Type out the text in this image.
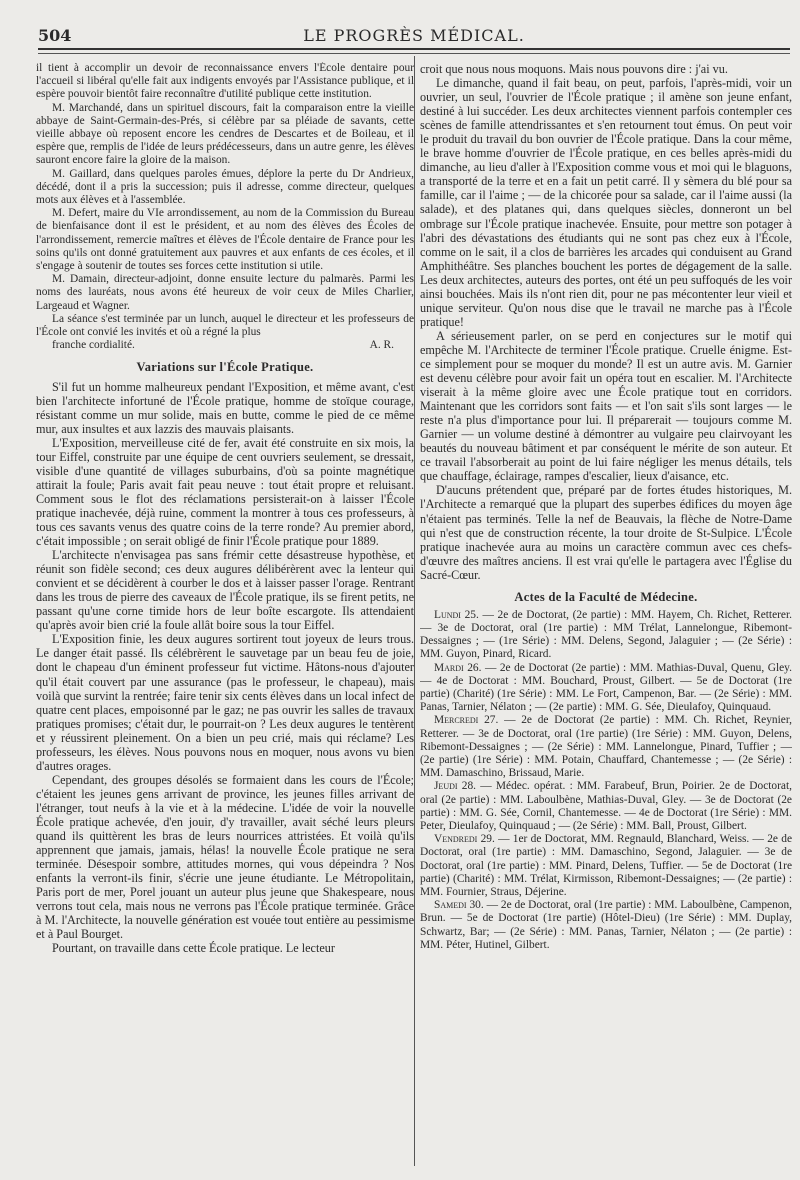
504	LE PROGRÈS MÉDICAL.

il tient à accomplir un devoir de reconnaissance envers l'École dentaire pour l'accueil si libéral qu'elle fait aux indigents envoyés par l'Assistance publique, et il espère pouvoir bientôt faire reconnaître d'utilité publique cette institution.

M. Marchandé, dans un spirituel discours, fait la comparaison entre la vieille abbaye de Saint-Germain-des-Prés, si célèbre par sa pléiade de savants, cette vieille abbaye où reposent encore les cendres de Descartes et de Boileau, et il espère que, remplis de l'idée de leurs prédécesseurs, dans un autre genre, les élèves sauront encore faire la gloire de la maison.

M. Gaillard, dans quelques paroles émues, déplore la perte du Dr Andrieux, décédé, dont il a pris la succession; puis il adresse, comme directeur, quelques mots aux élèves et à l'assemblée.

M. Defert, maire du VIe arrondissement, au nom de la Commission du Bureau de bienfaisance dont il est le président, et au nom des élèves des Écoles de l'arrondissement, remercie maîtres et élèves de l'École dentaire de France pour les soins qu'ils ont donné gratuitement aux pauvres et aux enfants de ces écoles, et il s'engage à soutenir de toutes ses forces cette institution si utile.

M. Damain, directeur-adjoint, donne ensuite lecture du palmarès. Parmi les noms des lauréats, nous avons été heureux de voir ceux de Miles Charlier, Largeaud et Wagner.

La séance s'est terminée par un lunch, auquel le directeur et les professeurs de l'École ont convié les invités et où a régné la plus

franche cordialité.	A. R.

Variations sur l'École Pratique.

S'il fut un homme malheureux pendant l'Exposition, et même avant, c'est bien l'architecte infortuné de l'École pratique, homme de stoïque courage, résistant comme un mur solide, mais en butte, comme le pied de ce même mur, aux insultes et aux lazzis des mauvais plaisants.

L'Exposition, merveilleuse cité de fer, avait été construite en six mois, la tour Eiffel, construite par une équipe de cent ouvriers seulement, se dressait, visible d'une quantité de villages suburbains, d'où sa pointe magnétique attirait la foule; Paris avait fait peau neuve : tout était propre et reluisant. Comment sous le flot des réclamations persisterait-on à laisser l'École pratique inachevée, déjà ruine, comment la montrer à tous ces professeurs, à tous ces savants venus des quatre coins de la terre ronde? Au premier abord, c'était impossible ; on serait obligé de finir l'École pratique pour 1889.

L'architecte n'envisagea pas sans frémir cette désastreuse hypothèse, et réunit son fidèle second; ces deux augures délibérèrent avec la lenteur qui convient et se décidèrent à courber le dos et à laisser passer l'orage. Rentrant dans les trous de pierre des caveaux de l'École pratique, ils se firent petits, ne passant qu'une corne timide hors de leur boîte escargote. Ils attendaient qu'après avoir bien crié la foule allât boire sous la tour Eiffel.

L'Exposition finie, les deux augures sortirent tout joyeux de leurs trous. Le danger était passé. Ils célébrèrent le sauvetage par un beau feu de joie, dont le chapeau d'un éminent professeur fut victime. Hâtons-nous d'ajouter qu'il était couvert par une assurance (pas le professeur, le chapeau), mais voilà que survint la rentrée; faire tenir six cents élèves dans un local infect de quatre cent places, empoisonné par le gaz; ne pas ouvrir les salles de travaux pratiques promises; c'était dur, le pourrait-on ? Les deux augures le tentèrent et y réussirent pleinement. On a bien un peu crié, mais qui réclame? Les professeurs, les élèves. Nous pouvons nous en moquer, nous avons vu bien d'autres orages.

Cependant, des groupes désolés se formaient dans les cours de l'École; c'étaient les jeunes gens arrivant de province, les jeunes filles arrivant de l'étranger, tout neufs à la vie et à la médecine. L'idée de voir la nouvelle École pratique achevée, d'en jouir, d'y travailler, avait séché leurs pleurs quand ils quittèrent les bras de leurs nourrices attristées. Et voilà qu'ils apprennent que jamais, jamais, hélas! la nouvelle École pratique ne sera terminée. Désespoir sombre, attitudes mornes, qui vous dépeindra ? Nos enfants la verront-ils finir, s'écrie une jeune étudiante. Le Métropolitain, Paris port de mer, Porel jouant un auteur plus jeune que Shakespeare, nous verrons tout cela, mais nous ne verrons pas l'École pratique terminée. Grâce à M. l'Architecte, la nouvelle génération est vouée tout entière au pessimisme et à Paul Bourget.

Pourtant, on travaille dans cette École pratique. Le lecteur

croit que nous nous moquons. Mais nous pouvons dire : j'ai vu.

Le dimanche, quand il fait beau, on peut, parfois, l'après-midi, voir un ouvrier, un seul, l'ouvrier de l'École pratique ; il amène son jeune enfant, destiné à lui succéder. Les deux architectes viennent parfois contempler ces scènes de famille attendrissantes et s'en retournent tout émus. On peut voir le produit du travail du bon ouvrier de l'École pratique. Dans la cour même, le brave homme d'ouvrier de l'École pratique, en ces belles après-midi du dimanche, au lieu d'aller à l'Exposition comme vous et moi qui le blaguons, a transporté de la terre et en a fait un petit carré. Il y sèmera du blé pour sa famille, car il l'aime ; — de la chicorée pour sa salade, car il l'aime aussi (la salade), et des platanes qui, dans quelques siècles, donneront un bel ombrage sur l'École pratique inachevée. Ensuite, pour mettre son potager à l'abri des dévastations des étudiants qui ne sont pas chez eux à l'École, comme on le sait, il a clos de barrières les arcades qui conduisent au Grand Amphithéâtre. Ses planches bouchent les portes de dégagement de la salle. Les deux architectes, auteurs des portes, ont été un peu suffoqués de les voir ainsi bouchées. Mais ils n'ont rien dit, pour ne pas mécontenter leur vieil et unique serviteur. Qu'on nous dise que le travail ne marche pas à l'École pratique!

A sérieusement parler, on se perd en conjectures sur le motif qui empêche M. l'Architecte de terminer l'École pratique. Cruelle énigme. Est-ce simplement pour se moquer du monde? Il est un autre avis. M. Garnier est devenu célèbre pour avoir fait un opéra tout en escalier. M. l'Architecte viserait à la même gloire avec une École pratique tout en corridors. Maintenant que les corridors sont faits — et l'on sait s'ils sont larges — le reste n'a plus d'importance pour lui. Il préparerait — toujours comme M. Garnier — un volume destiné à démontrer au vulgaire peu clairvoyant les beautés du nouveau bâtiment et par conséquent le mérite de son auteur. Et ce travail l'absorberait au point de lui faire négliger les menus détails, tels que chauffage, éclairage, rampes d'escalier, lieux d'aisance, etc.

D'aucuns prétendent que, préparé par de fortes études historiques, M. l'Architecte a remarqué que la plupart des superbes édifices du moyen âge n'étaient pas terminés. Telle la nef de Beauvais, la flèche de Notre-Dame qui n'est que de construction récente, la tour droite de St-Sulpice. L'École pratique inachevée aura au moins un caractère commun avec ces chefs-d'œuvre des maîtres anciens. Il est vrai qu'elle le partagera avec l'Église du Sacré-Cœur.

Actes de la Faculté de Médecine.

Lundi 25. — 2e de Doctorat, (2e partie) : MM. Hayem, Ch. Richet, Retterer. — 3e de Doctorat, oral (1re partie) : MM Trélat, Lannelongue, Ribemont-Dessaignes ; — (1re Série) : MM. Delens, Segond, Jalaguier ; — (2e Série) : MM. Guyon, Pinard, Ricard.

Mardi 26. — 2e de Doctorat (2e partie) : MM. Mathias-Duval, Quenu, Gley. — 4e de Doctorat : MM. Bouchard, Proust, Gilbert. — 5e de Doctorat (1re partie) (Charité) (1re Série) : MM. Le Fort, Campenon, Bar. — (2e Série) : MM. Panas, Tarnier, Nélaton ; — (2e partie) : MM. G. Sée, Dieulafoy, Quinquaud.

Mercredi 27. — 2e de Doctorat (2e partie) : MM. Ch. Richet, Reynier, Retterer. — 3e de Doctorat, oral (1re partie) (1re Série) : MM. Guyon, Delens, Ribemont-Dessaignes ; — (2e Série) : MM. Lannelongue, Pinard, Tuffier ; — (2e partie) (1re Série) : MM. Potain, Chauffard, Chantemesse ; — (2e Série) : MM. Damaschino, Brissaud, Marie.

Jeudi 28. — Médec. opérat. : MM. Farabeuf, Brun, Poirier. 2e de Doctorat, oral (2e partie) : MM. Laboulbène, Mathias-Duval, Gley. — 3e de Doctorat (2e partie) : MM. G. Sée, Cornil, Chantemesse. — 4e de Doctorat (1re Série) : MM. Peter, Dieulafoy, Quinquaud ; — (2e Série) : MM. Ball, Proust, Gilbert.

Vendredi 29. — 1er de Doctorat, MM. Regnauld, Blanchard, Weiss. — 2e de Doctorat, oral (1re partie) : MM. Damaschino, Segond, Jalaguier. — 3e de Doctorat, oral (1re partie) : MM. Pinard, Delens, Tuffier. — 5e de Doctorat (1re partie) (Charité) : MM. Trélat, Kirmisson, Ribemont-Dessaignes; — (2e partie) : MM. Fournier, Straus, Déjerine.

Samedi 30. — 2e de Doctorat, oral (1re partie) : MM. Laboulbène, Campenon, Brun. — 5e de Doctorat (1re partie) (Hôtel-Dieu) (1re Série) : MM. Duplay, Schwartz, Bar; — (2e Série) : MM. Panas, Tarnier, Nélaton ; — (2e partie) : MM. Péter, Hutinel, Gilbert.
